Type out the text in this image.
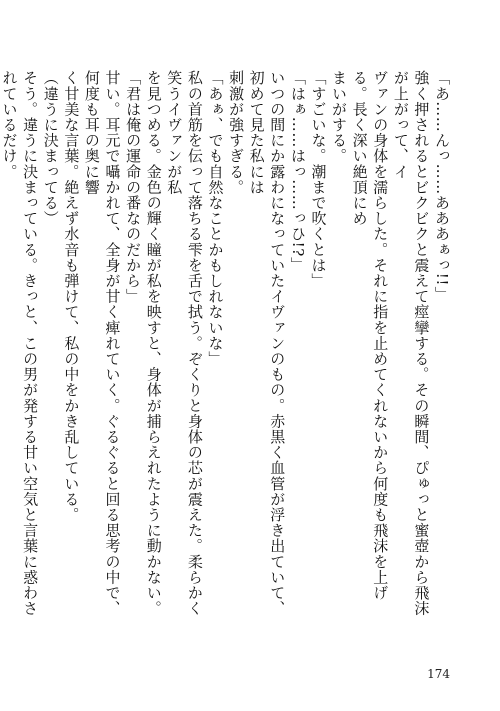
「あ……んっ……あああぁっ!!」
強く押されるとビクビクと震えて痙攣する。その瞬間、ぴゅっと蜜壺から飛沫が上がって、イ
ヴァンの身体を濡らした。それに指を止めてくれないから何度も飛沫を上げる。長く深い絶頂にめ
まいがする。
「すごいな。潮まで吹くとは」
「はぁ……はっ……っひ!?」
いつの間にか露わになっていたイヴァンのもの。赤黒く血管が浮き出ていて、初めて見た私には
刺激が強すぎる。
「あぁ、でも自然なことかもしれないな」
私の首筋を伝って落ちる雫を舌で拭う。ぞくりと身体の芯が震えた。柔らかく笑うイヴァンが私
を見つめる。金色の輝く瞳が私を映すと、身体が捕らえれたように動かない。
「君は俺の運命の番なのだから」
甘い。耳元で囁かれて、全身が甘く痺れていく。ぐるぐると回る思考の中で、何度も耳の奥に響
く甘美な言葉。絶えず水音も弾けて、私の中をかき乱している。
（違うに決まってる）
そう。違うに決まっている。きっと、この男が発する甘い空気と言葉に惑わされているだけ。
174
